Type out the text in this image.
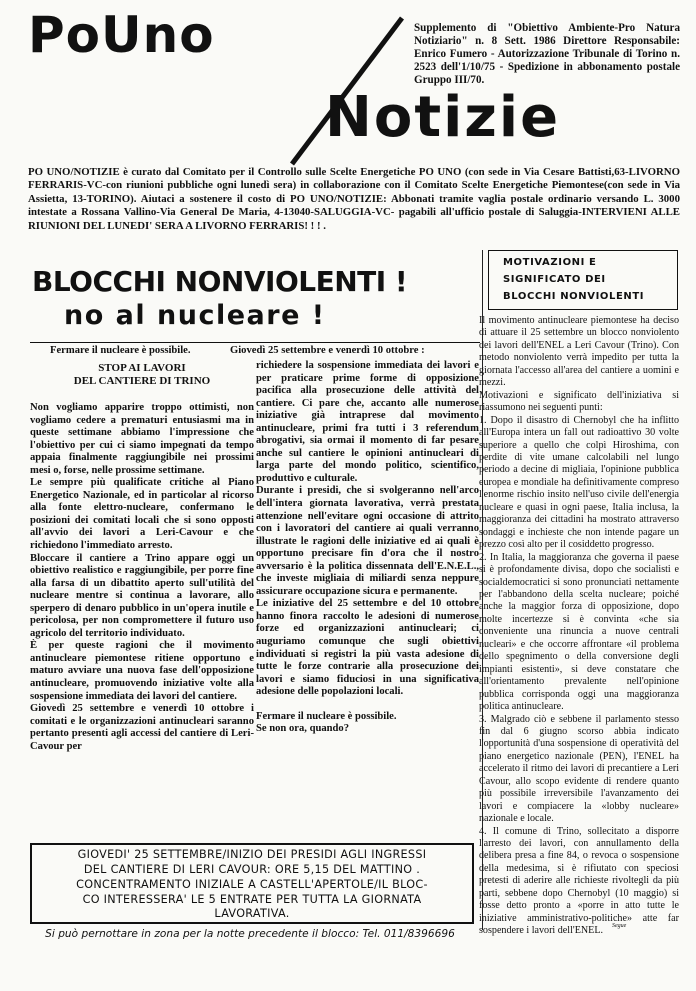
PoUno
Notizie
Supplemento di "Obiettivo Ambiente-Pro Natura Notiziario" n. 8 Sett. 1986 Direttore Responsabile: Enrico Fumero - Autorizzazione Tribunale di Torino n. 2523 dell'1/10/75 - Spedizione in abbonamento postale Gruppo III/70.
PO UNO/NOTIZIE è curato dal Comitato per il Controllo sulle Scelte Energetiche PO UNO (con sede in Via Cesare Battisti,63-LIVORNO FERRARIS-VC-con riunioni pubbliche ogni lunedì sera) in collaborazione con il Comitato Scelte Energetiche Piemontese(con sede in Via Assietta, 13-TORINO). Aiutaci a sostenere il costo di PO UNO/NOTIZIE: Abbonati tramite vaglia postale ordinario versando L. 3000 intestate a Rossana Vallino-Via General De Maria, 4-13040-SALUGGIA-VC- pagabili all'ufficio postale di Saluggia-INTERVIENI ALLE RIUNIONI DEL LUNEDI' SERA A LIVORNO FERRARIS! ! ! .
BLOCCHI NONVIOLENTI !
no al nucleare !
Fermare il nucleare è possibile.	Giovedì 25 settembre e venerdì 10 ottobre :
STOP AI LAVORI
DEL CANTIERE DI TRINO

Non vogliamo apparire troppo ottimisti, non vogliamo cedere a prematuri entusiasmi ma in queste settimane abbiamo l'impressione che l'obiettivo per cui ci siamo impegnati da tempo appaia finalmente raggiungibile nei prossimi mesi o, forse, nelle prossime settimane.

Le sempre più qualificate critiche al Piano Energetico Nazionale, ed in particolar al ricorso alla fonte elettro-nucleare, confermano le posizioni dei comitati locali che si sono opposti all'avvio dei lavori a Leri-Cavour e che richiedono l'immediato arresto.

Bloccare il cantiere a Trino appare oggi un obiettivo realistico e raggiungibile, per porre fine alla farsa di un dibattito aperto sull'utilità del nucleare mentre si continua a lavorare, allo sperpero di denaro pubblico in un'opera inutile e pericolosa, per non compromettere il futuro uso agricolo del territorio individuato.

È per queste ragioni che il movimento antinucleare piemontese ritiene opportuno e maturo avviare una nuova fase dell'opposizione antinucleare, promuovendo iniziative volte alla sospensione immediata dei lavori del cantiere.

Giovedì 25 settembre e venerdì 10 ottobre i comitati e le organizzazioni antinucleari saranno pertanto presenti agli accessi del cantiere di Leri-Cavour per

richiedere la sospensione immediata dei lavori e per praticare prime forme di opposizione pacifica alla prosecuzione delle attività del cantiere. Ci pare che, accanto alle numerose iniziative già intraprese dal movimento antinucleare, primi fra tutti i 3 referendum abrogativi, sia ormai il momento di far pesare anche sul cantiere le opinioni antinucleari di larga parte del mondo politico, scientifico, produttivo e culturale.

Durante i presidi, che si svolgeranno nell'arco dell'intera giornata lavorativa, verrà prestata attenzione nell'evitare ogni occasione di attrito con i lavoratori del cantiere ai quali verranno illustrate le ragioni delle iniziative ed ai quali è opportuno precisare fin d'ora che il nostro avversario è la politica dissennata dell'E.N.E.L., che investe migliaia di miliardi senza neppure assicurare occupazione sicura e permanente.

Le iniziative del 25 settembre e del 10 ottobre hanno finora raccolto le adesioni di numerose forze ed organizzazioni antinucleari; ci auguriamo comunque che sugli obiettivi individuati si registri la più vasta adesione di tutte le forze contrarie alla prosecuzione dei lavori e siamo fiduciosi in una significativa adesione delle popolazioni locali.

Fermare il nucleare è possibile.

Se non ora, quando?

MOTIVAZIONI E
SIGNIFICATO DEI
BLOCCHI NONVIOLENTI

Il movimento antinucleare piemontese ha deciso di attuare il 25 settembre un blocco nonviolento dei lavori dell'ENEL a Leri Cavour (Trino). Con metodo nonviolento verrà impedito per tutta la giornata l'accesso all'area del cantiere a uomini e mezzi.

Motivazioni e significato dell'iniziativa si riassumono nei seguenti punti:

1. Dopo il disastro di Chernobyl che ha inflitto all'Europa intera un fall out radioattivo 30 volte superiore a quello che colpì Hiroshima, con perdite di vite umane calcolabili nel lungo periodo a decine di migliaia, l'opinione pubblica europea e mondiale ha definitivamente compreso l'enorme rischio insito nell'uso civile dell'energia nucleare e quasi in ogni paese, Italia inclusa, la maggioranza dei cittadini ha mostrato attraverso sondaggi e inchieste che non intende pagare un prezzo così alto per il cosiddetto progresso.

2. In Italia, la maggioranza che governa il paese si è profondamente divisa, dopo che socialisti e socialdemocratici si sono pronunciati nettamente per l'abbandono della scelta nucleare; poiché anche la maggior forza di opposizione, dopo molte incertezze si è convinta «che sia conveniente una rinuncia a nuove centrali nucleari» e che occorre affrontare «il problema dello spegnimento o della conversione degli impianti esistenti», si deve constatare che all'orientamento prevalente nell'opinione pubblica corrisponda oggi una maggioranza politica antinucleare.

3. Malgrado ciò e sebbene il parlamento stesso fin dal 6 giugno scorso abbia indicato l'opportunità d'una sospensione di operatività del piano energetico nazionale (PEN), l'ENEL ha accelerato il ritmo dei lavori di precantiere a Leri Cavour, allo scopo evidente di rendere quanto più possibile irreversibile l'avanzamento dei lavori e compiacere la «lobby nucleare» nazionale e locale.

4. Il comune di Trino, sollecitato a disporre l'arresto dei lavori, con annullamento della delibera presa a fine 84, o revoca o sospensione della medesima, si è rifiutato con speciosi pretesti di aderire alle richieste rivoltegli da più parti, sebbene dopo Chernobyl (10 maggio) si fosse detto pronto a «porre in atto tutte le iniziative amministrativo-politiche» atte far sospendere i lavori dell'ENEL.	Segue
GIOVEDI' 25 SETTEMBRE/INIZIO DEI PRESIDI AGLI INGRESSI
DEL CANTIERE DI LERI CAVOUR: ORE 5,15 DEL MATTINO .
CONCENTRAMENTO INIZIALE A CASTELL'APERTOLE/IL BLOC-
CO INTERESSERA' LE 5 ENTRATE PER TUTTA LA GIORNATA
LAVORATIVA.
Si può pernottare in zona per la notte precedente il blocco: Tel. 011/8396696
